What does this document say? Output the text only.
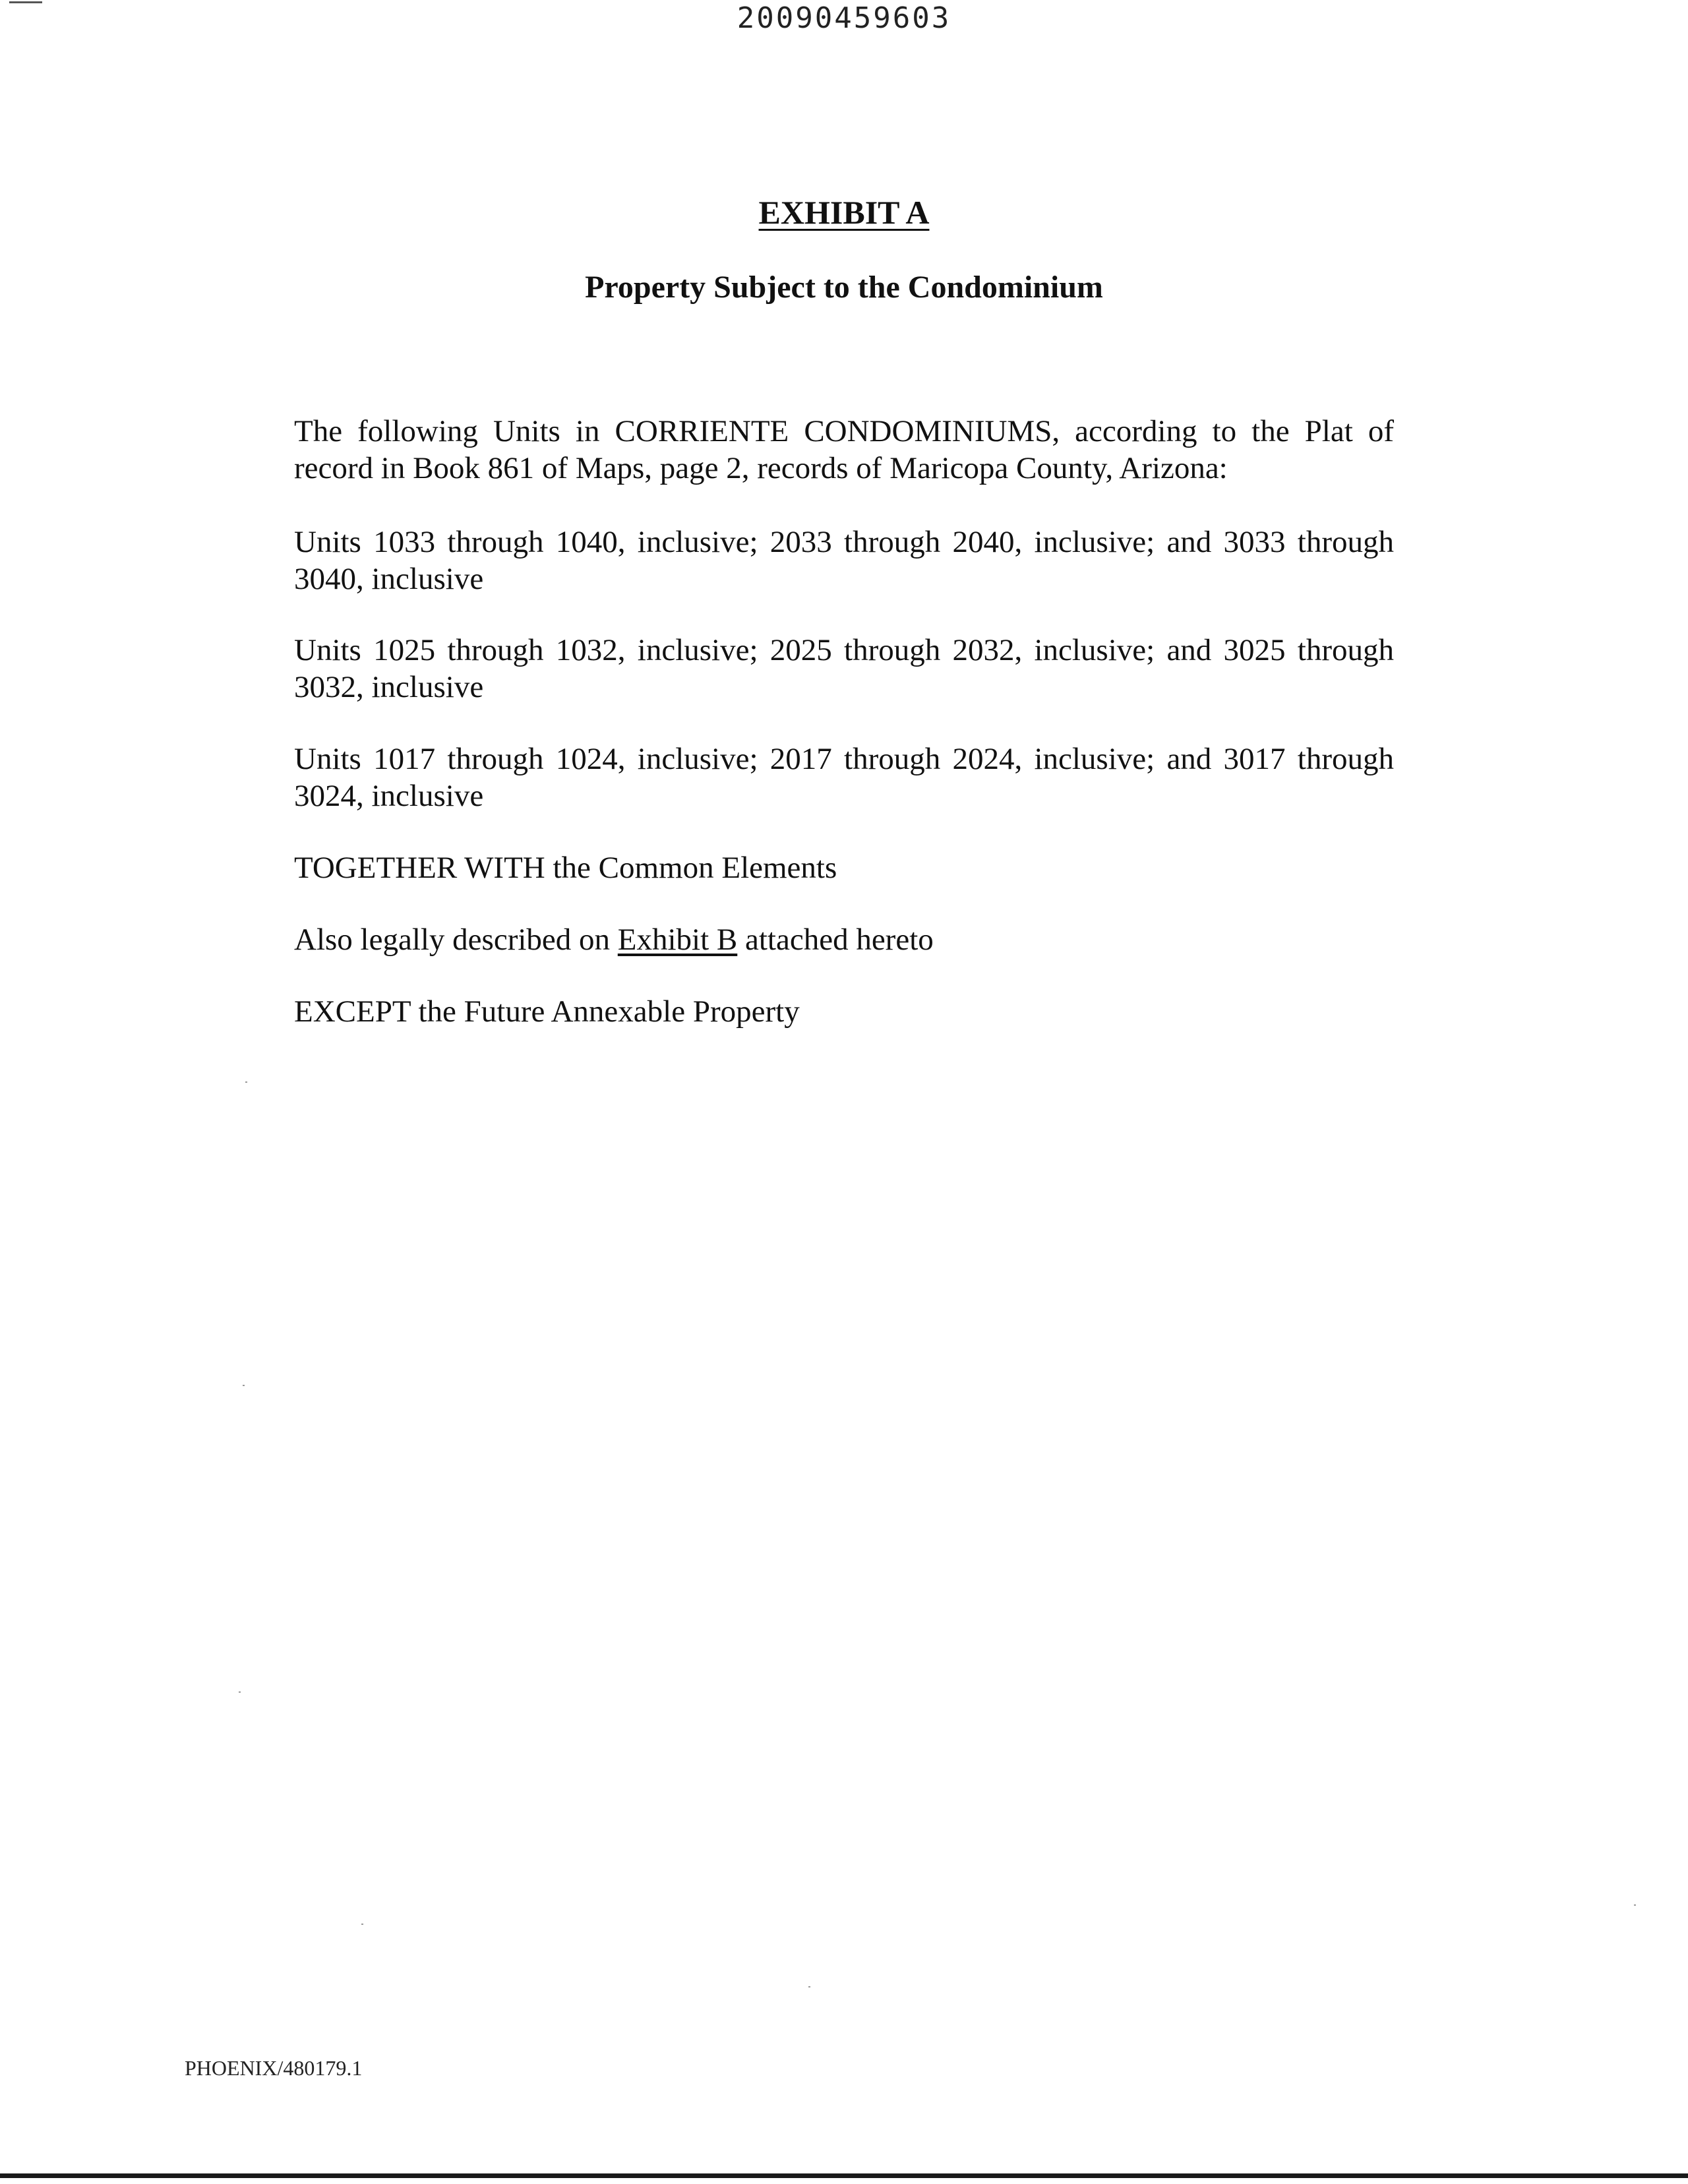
20090459603
EXHIBIT A
Property Subject to the Condominium
The following Units in CORRIENTE CONDOMINIUMS, according to the Plat of record in Book 861 of Maps, page 2, records of Maricopa County, Arizona:
Units 1033 through 1040, inclusive; 2033 through 2040, inclusive; and 3033 through 3040, inclusive
Units 1025 through 1032, inclusive; 2025 through 2032, inclusive; and 3025 through 3032, inclusive
Units 1017 through 1024, inclusive; 2017 through 2024, inclusive; and 3017 through 3024, inclusive
TOGETHER WITH the Common Elements
Also legally described on Exhibit B attached hereto
EXCEPT the Future Annexable Property
PHOENIX/480179.1
